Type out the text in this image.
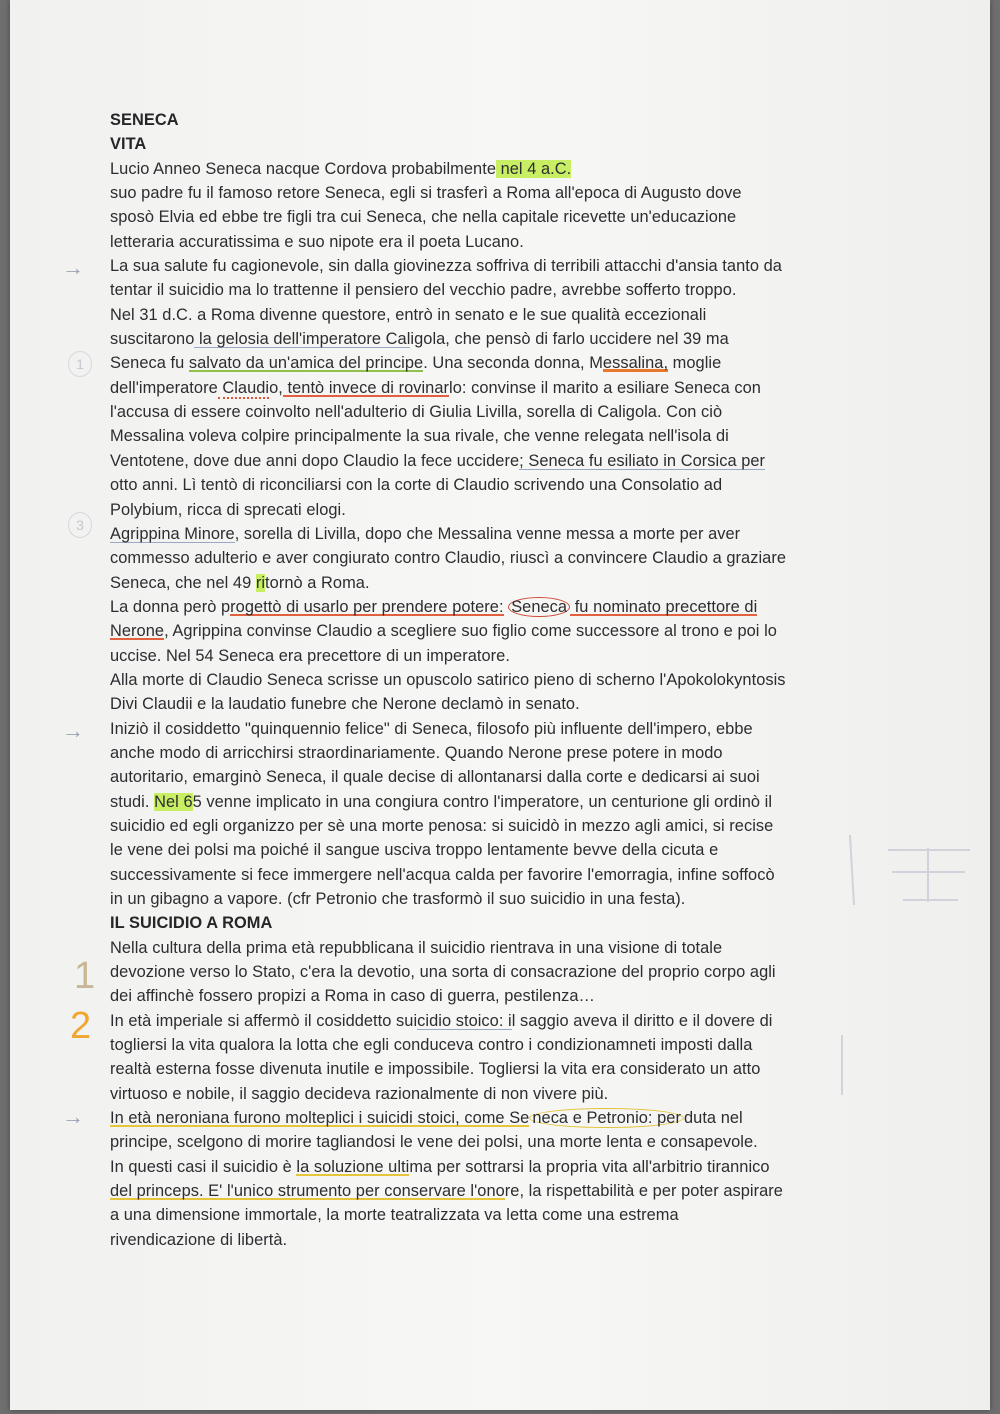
SENECA
VITA
Lucio Anneo Seneca nacque Cordova probabilmente nel 4 a.C.
suo padre fu il famoso retore Seneca, egli si trasferì a Roma all'epoca di Augusto dove
sposò Elvia ed ebbe tre figli tra cui Seneca, che nella capitale ricevette un'educazione
letteraria accuratissima e suo nipote era il poeta Lucano.
La sua salute fu cagionevole, sin dalla giovinezza soffriva di terribili attacchi d'ansia tanto da
tentar il suicidio ma lo trattenne il pensiero del vecchio padre, avrebbe sofferto troppo.
Nel 31 d.C. a Roma divenne questore, entrò in senato e le sue qualità eccezionali
suscitarono la gelosia dell'imperatore Caligola, che pensò di farlo uccidere nel 39 ma
Seneca fu salvato da un'amica del principe. Una seconda donna, Messalina, moglie
dell'imperatore Claudio, tentò invece di rovinarlo: convinse il marito a esiliare Seneca con
l'accusa di essere coinvolto nell'adulterio di Giulia Livilla, sorella di Caligola. Con ciò
Messalina voleva colpire principalmente la sua rivale, che venne relegata nell'isola di
Ventotene, dove due anni dopo Claudio la fece uccidere; Seneca fu esiliato in Corsica per
otto anni. Lì tentò di riconciliarsi con la corte di Claudio scrivendo una Consolatio ad
Polybium, ricca di sprecati elogi.
Agrippina Minore, sorella di Livilla, dopo che Messalina venne messa a morte per aver
commesso adulterio e aver congiurato contro Claudio, riuscì a convincere Claudio a graziare
Seneca, che nel 49 ritornò a Roma.
La donna però progettò di usarlo per prendere potere: Seneca fu nominato precettore di
Nerone, Agrippina convinse Claudio a scegliere suo figlio come successore al trono e poi lo
uccise. Nel 54 Seneca era precettore di un imperatore.
Alla morte di Claudio Seneca scrisse un opuscolo satirico pieno di scherno l'Apokolokyntosis
Divi Claudii e la laudatio funebre che Nerone declamò in senato.
Iniziò il cosiddetto "quinquennio felice" di Seneca, filosofo più influente dell'impero, ebbe
anche modo di arricchirsi straordinariamente. Quando Nerone prese potere in modo
autoritario, emarginò Seneca, il quale decise di allontanarsi dalla corte e dedicarsi ai suoi
studi. Nel 65 venne implicato in una congiura contro l'imperatore, un centurione gli ordinò il
suicidio ed egli organizzo per sè una morte penosa: si suicidò in mezzo agli amici, si recise
le vene dei polsi ma poiché il sangue usciva troppo lentamente bevve della cicuta e
successivamente si fece immergere nell'acqua calda per favorire l'emorragia, infine soffocò
in un gibagno a vapore. (cfr Petronio che trasformò il suo suicidio in una festa).
IL SUICIDIO A ROMA
Nella cultura della prima età repubblicana il suicidio rientrava in una visione di totale
devozione verso lo Stato, c'era la devotio, una sorta di consacrazione del proprio corpo agli
dei affinchè fossero propizi a Roma in caso di guerra, pestilenza…
In età imperiale si affermò il cosiddetto suicidio stoico: il saggio aveva il diritto e il dovere di
togliersi la vita qualora la lotta che egli conduceva contro i condizionamneti imposti dalla
realtà esterna fosse divenuta inutile e impossibile. Togliersi la vita era considerato un atto
virtuoso e nobile, il saggio decideva razionalmente di non vivere più.
In età neroniana furono molteplici i suicidi stoici, come Se neca e Petronio: per duta nel
principe, scelgono di morire tagliandosi le vene dei polsi, una morte lenta e consapevole.
In questi casi il suicidio è la soluzione ultima per sottrarsi la propria vita all'arbitrio tirannico
del princeps. E' l'unico strumento per conservare l'onore, la rispettabilità e per poter aspirare
a una dimensione immortale, la morte teatralizzata va letta come una estrema
rivendicazione di libertà.
→
→
→
1
3
1
2
